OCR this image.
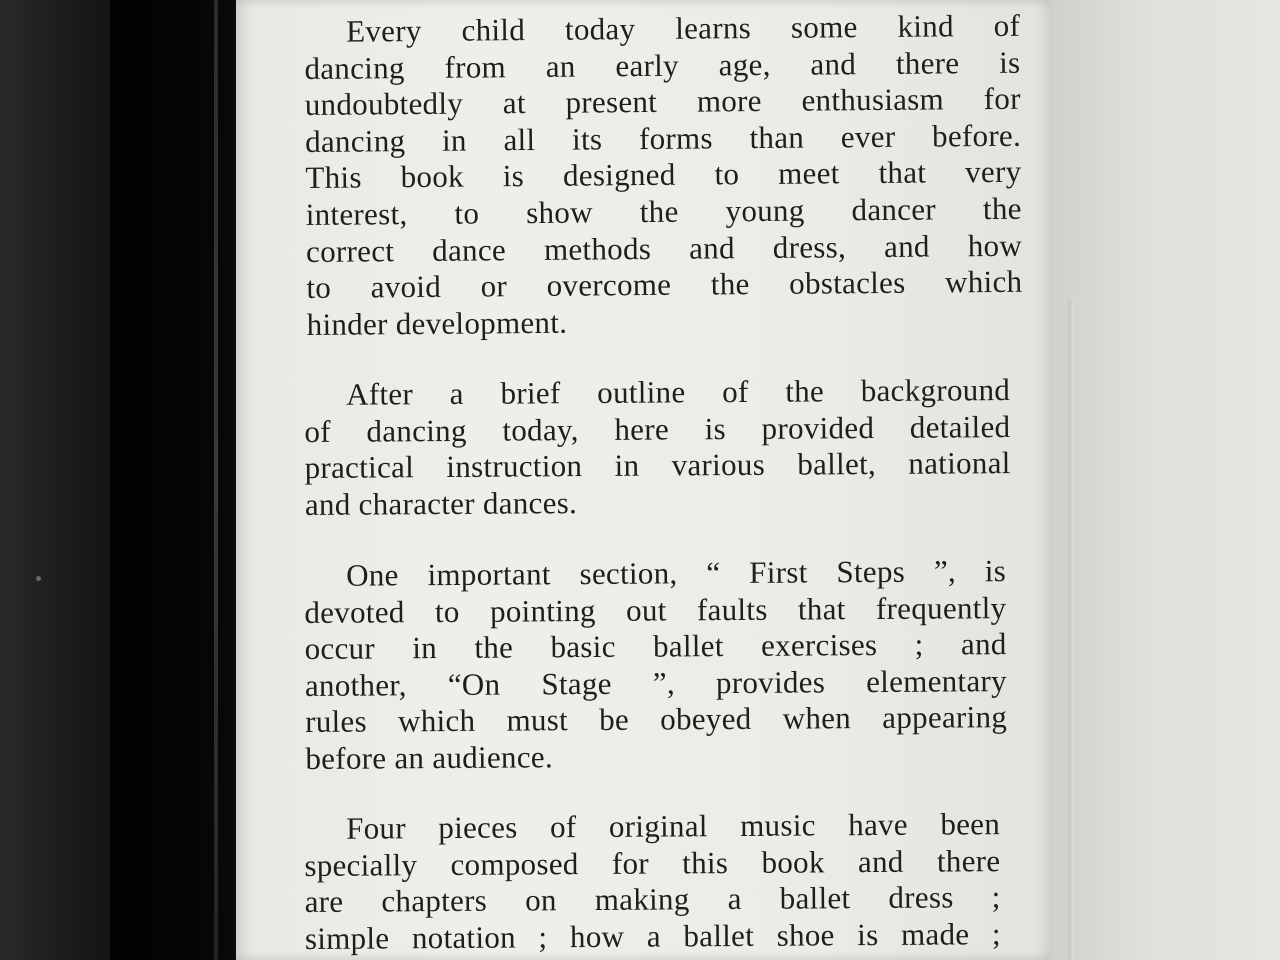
Every child today learns some kind of
dancing from an early age, and there is
undoubtedly at present more enthusiasm for
dancing in all its forms than ever before.
This book is designed to meet that very
interest, to show the young dancer the
correct dance methods and dress, and how
to avoid or overcome the obstacles which
hinder development.
After a brief outline of the background
of dancing today, here is provided detailed
practical instruction in various ballet, national
and character dances.
One important section, “ First Steps ”, is
devoted to pointing out faults that frequently
occur in the basic ballet exercises ; and
another, “On Stage ”, provides elementary
rules which must be obeyed when appearing
before an audience.
Four pieces of original music have been
specially composed for this book and there
are chapters on making a ballet dress ;
simple notation ; how a ballet shoe is made ;
